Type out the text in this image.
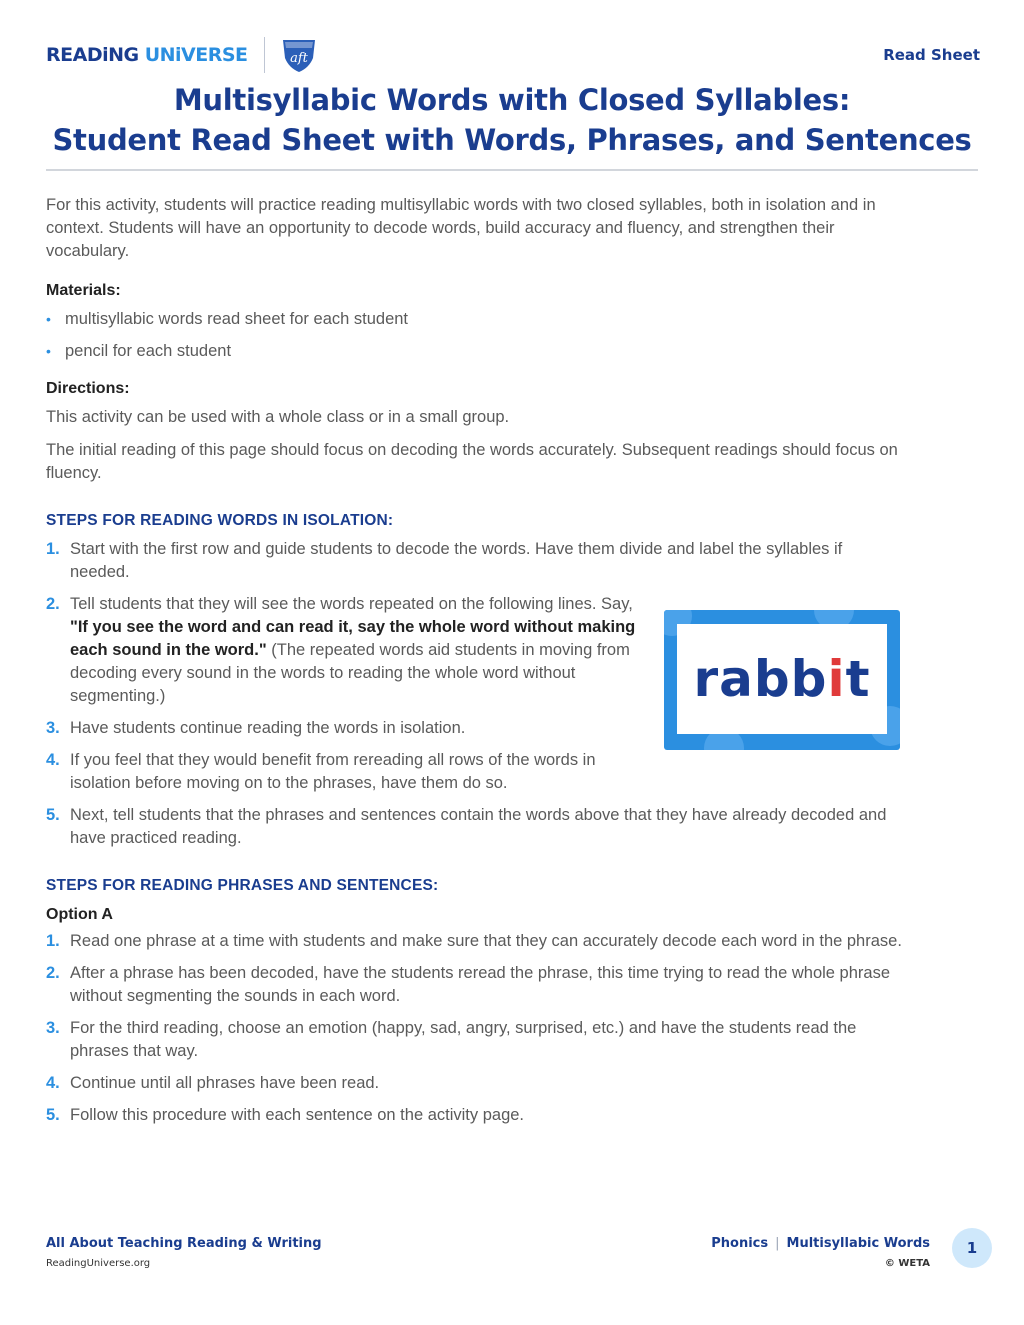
READiNG UNiVERSE	aft	Read Sheet
Multisyllabic Words with Closed Syllables:
Student Read Sheet with Words, Phrases, and Sentences

For this activity, students will practice reading multisyllabic words with two closed syllables, both in isolation and in context. Students will have an opportunity to decode words, build accuracy and fluency, and strengthen their vocabulary.

Materials:
• multisyllabic words read sheet for each student
• pencil for each student
Directions:

This activity can be used with a whole class or in a small group.

The initial reading of this page should focus on decoding the words accurately. Subsequent readings should focus on fluency.

STEPS FOR READING WORDS IN ISOLATION:
1. Start with the first row and guide students to decode the words. Have them divide and label the syllables if needed.
2. Tell students that they will see the words repeated on the following lines. Say, "If you see the word and can read it, say the whole word without making each sound in the word." (The repeated words aid students in moving from decoding every sound in the words to reading the whole word without segmenting.)
3. Have students continue reading the words in isolation.
4. If you feel that they would benefit from rereading all rows of the words in isolation before moving on to the phrases, have them do so.
5. Next, tell students that the phrases and sentences contain the words above that they have already decoded and have practiced reading.
STEPS FOR READING PHRASES AND SENTENCES:
Option A
1. Read one phrase at a time with students and make sure that they can accurately decode each word in the phrase.
2. After a phrase has been decoded, have the students reread the phrase, this time trying to read the whole phrase without segmenting the sounds in each word.
3. For the third reading, choose an emotion (happy, sad, angry, surprised, etc.) and have the students read the phrases that way.
4. Continue until all phrases have been read.
5. Follow this procedure with each sentence on the activity page.
rabbit
All About Teaching Reading & Writing
ReadingUniverse.org
Phonics | Multisyllabic Words
© WETA
1
